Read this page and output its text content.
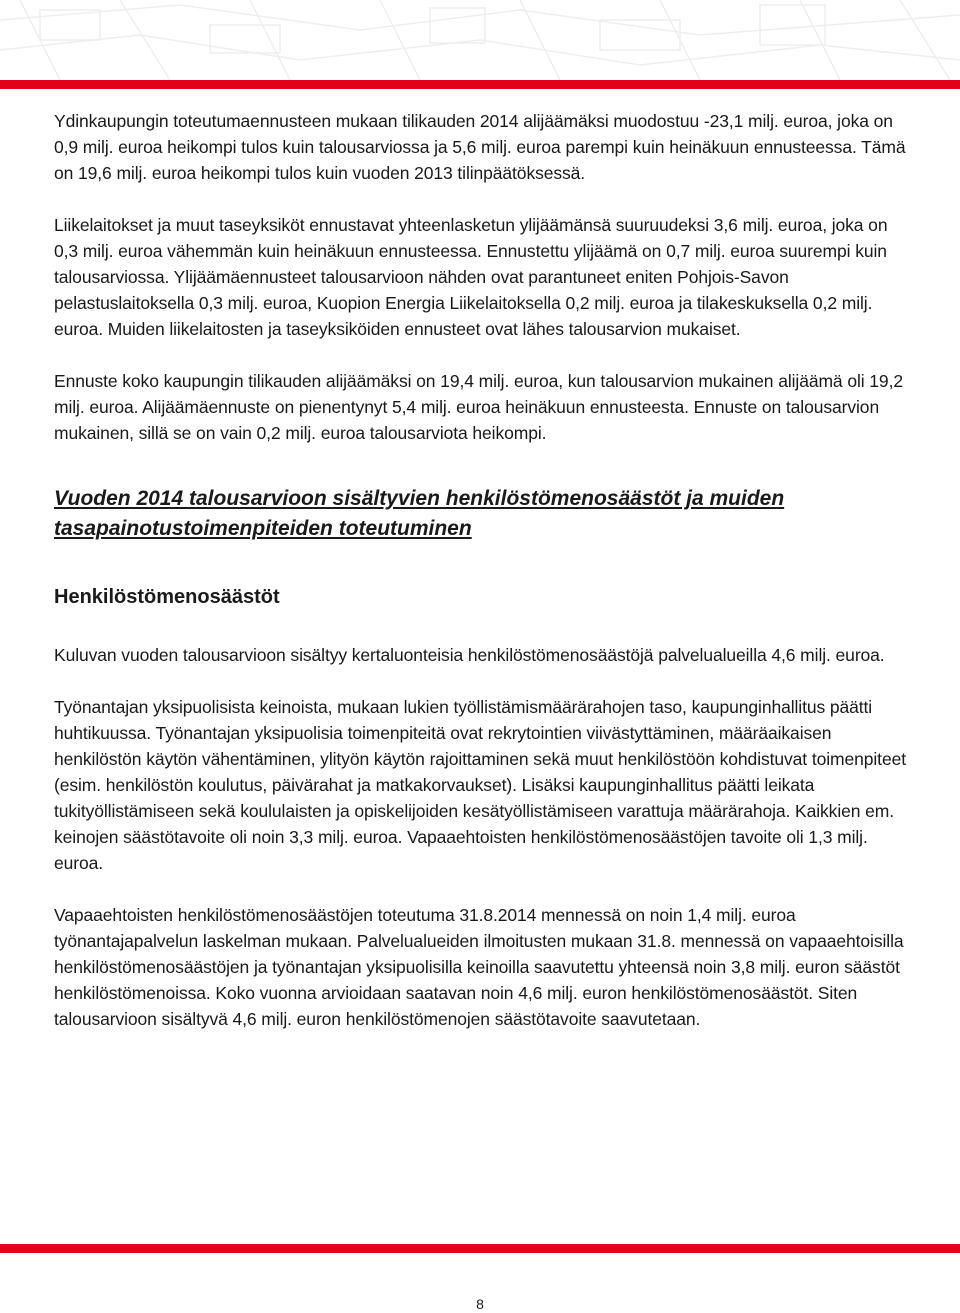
Ydinkaupungin toteutumaennusteen mukaan tilikauden 2014 alijäämäksi muodostuu -23,1 milj. euroa, joka on 0,9 milj. euroa heikompi tulos kuin talousarviossa ja 5,6 milj. euroa parempi kuin heinäkuun ennusteessa. Tämä on 19,6 milj. euroa heikompi tulos kuin vuoden 2013 tilinpäätöksessä.

Liikelaitokset ja muut taseyksiköt ennustavat yhteenlasketun ylijäämänsä suuruudeksi 3,6 milj. euroa, joka on 0,3 milj. euroa vähemmän kuin heinäkuun ennusteessa. Ennustettu ylijäämä on 0,7 milj. euroa suurempi kuin talousarviossa. Ylijäämäennusteet talousarvioon nähden ovat parantuneet eniten Pohjois-Savon pelastuslaitoksella 0,3 milj. euroa, Kuopion Energia Liikelaitoksella 0,2 milj. euroa ja tilakeskuksella 0,2 milj. euroa. Muiden liikelaitosten ja taseyksiköiden ennusteet ovat lähes talousarvion mukaiset.

Ennuste koko kaupungin tilikauden alijäämäksi on 19,4 milj. euroa, kun talousarvion mukainen alijäämä oli 19,2 milj. euroa. Alijäämäennuste on pienentynyt 5,4 milj. euroa heinäkuun ennusteesta. Ennuste on talousarvion mukainen, sillä se on vain 0,2 milj. euroa talousarviota heikompi.

Vuoden 2014 talousarvioon sisältyvien henkilöstömenosäästöt ja muiden tasapainotustoimenpiteiden toteutuminen
Henkilöstömenosäästöt

Kuluvan vuoden talousarvioon sisältyy kertaluonteisia henkilöstömenosäästöjä palvelualueilla 4,6 milj. euroa.

Työnantajan yksipuolisista keinoista, mukaan lukien työllistämismäärärahojen taso, kaupunginhallitus päätti huhtikuussa. Työnantajan yksipuolisia toimenpiteitä ovat rekrytointien viivästyttäminen, määräaikaisen henkilöstön käytön vähentäminen, ylityön käytön rajoittaminen sekä muut henkilöstöön kohdistuvat toimenpiteet (esim. henkilöstön koulutus, päivärahat ja matkakorvaukset). Lisäksi kaupunginhallitus päätti leikata tukityöllistämiseen sekä koululaisten ja opiskelijoiden kesätyöllistämiseen varattuja määrärahoja. Kaikkien em. keinojen säästötavoite oli noin 3,3 milj. euroa. Vapaaehtoisten henkilöstömenosäästöjen tavoite oli 1,3 milj. euroa.

Vapaaehtoisten henkilöstömenosäästöjen toteutuma 31.8.2014 mennessä on noin 1,4 milj. euroa työnantajapalvelun laskelman mukaan. Palvelualueiden ilmoitusten mukaan 31.8. mennessä on vapaaehtoisilla henkilöstömenosäästöjen ja työnantajan yksipuolisilla keinoilla saavutettu yhteensä noin 3,8 milj. euron säästöt henkilöstömenoissa. Koko vuonna arvioidaan saatavan noin 4,6 milj. euron henkilöstömenosäästöt. Siten talousarvioon sisältyvä 4,6 milj. euron henkilöstömenojen säästötavoite saavutetaan.

8
